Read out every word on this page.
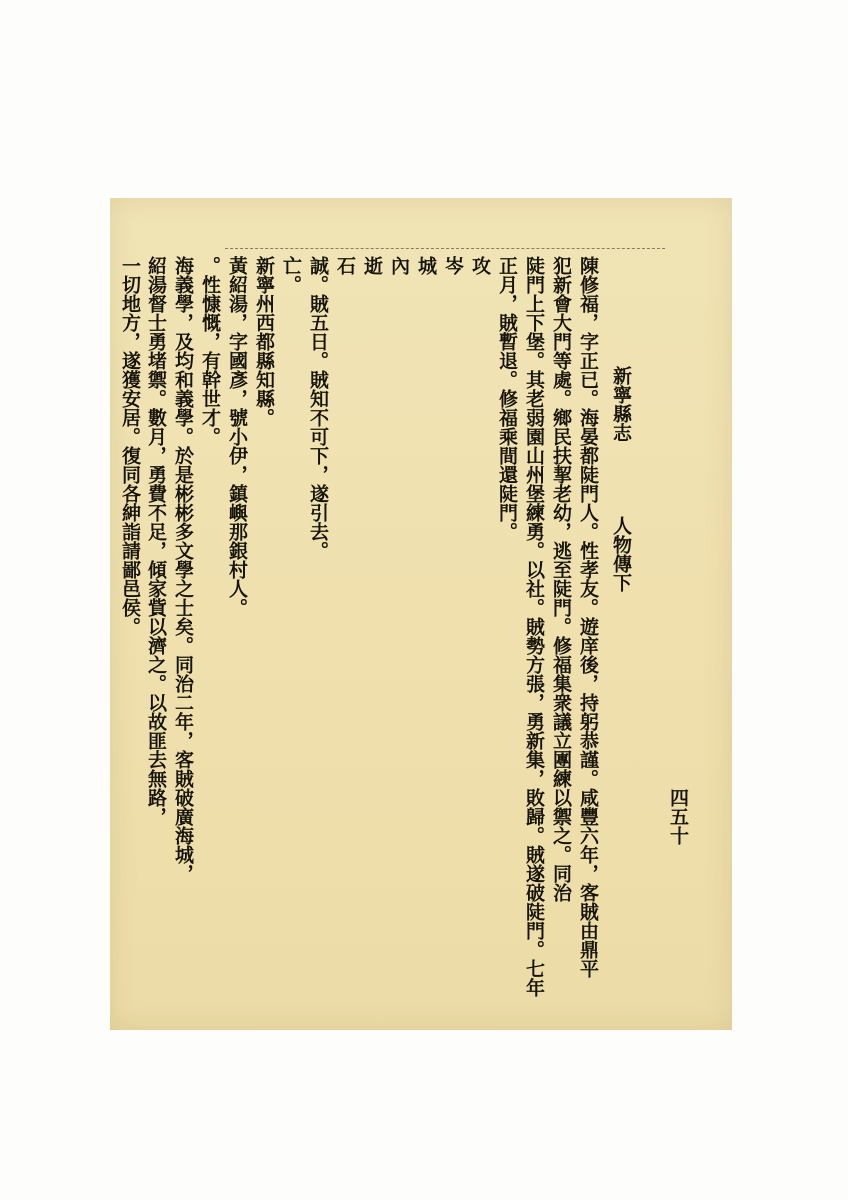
新寧縣志

人物傳下

四五十

陳修福，字正已。海晏都陡門人。性孝友。遊庠後，持躬恭謹。咸豐六年，客賊由鼎平

犯新會大門等處。鄉民扶挈老幼，逃至陡門。修福集衆議立團練以禦之。同治

陡門上下堡。其老弱園山州堡練勇。以社。賊勢方張，勇新集，敗歸。賊遂破陡門。七年

正月，賊暫退。修福乘間還陡門。

攻

岑

城

內

逝

石

誠。賊五日。賊知不可下，遂引去。

亡。

新寧州西都縣知縣。

黃紹湯，字國彥，號小伊，鎮嶼那銀村人。

。性慷慨，有幹世才。

海義學，及均和義學。於是彬彬多文學之士矣。同治二年，客賊破廣海城，

紹湯督士勇堵禦。數月，勇費不足，傾家貲以濟之。以故匪去無路，

一切地方，遂獲安居。復同各紳詣請鄙邑侯。
